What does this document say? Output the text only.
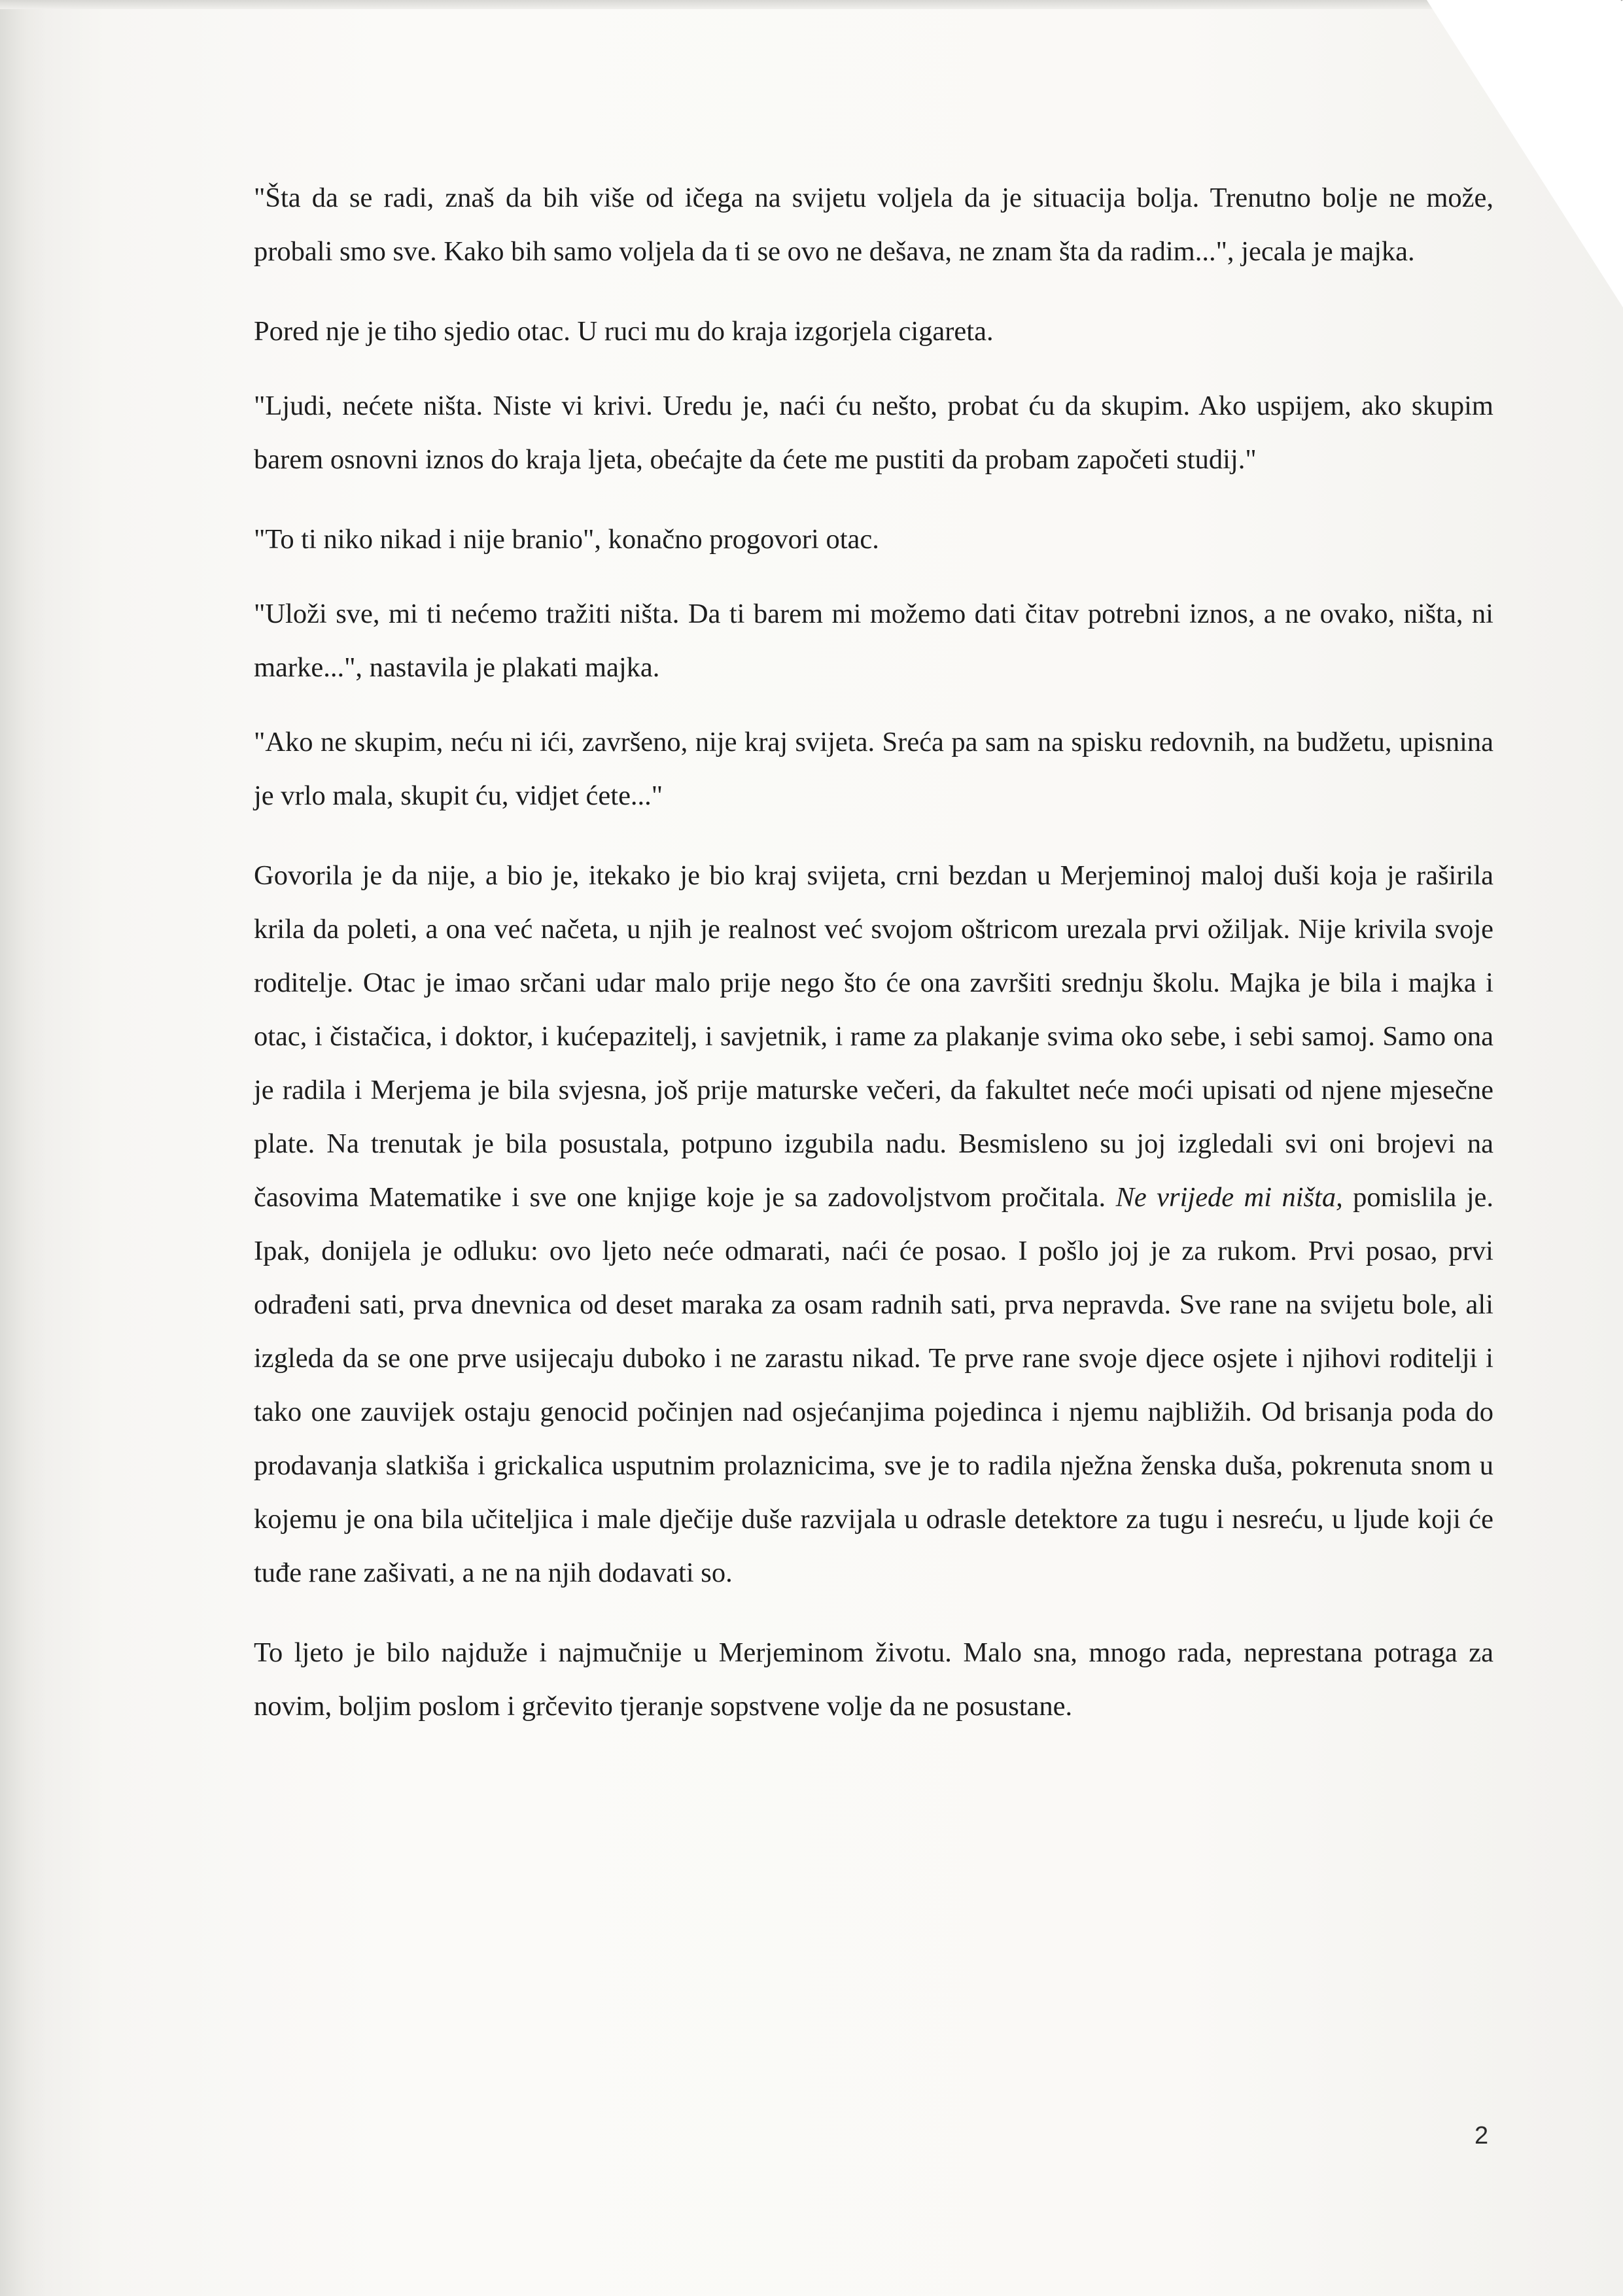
"Šta da se radi, znaš da bih više od ičega na svijetu voljela da je situacija bolja. Trenutno bolje ne može, probali smo sve. Kako bih samo voljela da ti se ovo ne dešava, ne znam šta da radim...", jecala je majka.

Pored nje je tiho sjedio otac. U ruci mu do kraja izgorjela cigareta.

"Ljudi, nećete ništa. Niste vi krivi. Uredu je, naći ću nešto, probat ću da skupim. Ako uspijem, ako skupim barem osnovni iznos do kraja ljeta, obećajte da ćete me pustiti da probam započeti studij."

"To ti niko nikad i nije branio", konačno progovori otac.

"Uloži sve, mi ti nećemo tražiti ništa. Da ti barem mi možemo dati čitav potrebni iznos, a ne ovako, ništa, ni marke...", nastavila je plakati majka.

"Ako ne skupim, neću ni ići, završeno, nije kraj svijeta. Sreća pa sam na spisku redovnih, na budžetu, upisnina je vrlo mala, skupit ću, vidjet ćete..."

Govorila je da nije, a bio je, itekako je bio kraj svijeta, crni bezdan u Merjeminoj maloj duši koja je raširila krila da poleti, a ona već načeta, u njih je realnost već svojom oštricom urezala prvi ožiljak. Nije krivila svoje roditelje. Otac je imao srčani udar malo prije nego što će ona završiti srednju školu. Majka je bila i majka i otac, i čistačica, i doktor, i kućepazitelj, i savjetnik, i rame za plakanje svima oko sebe, i sebi samoj. Samo ona je radila i Merjema je bila svjesna, još prije maturske večeri, da fakultet neće moći upisati od njene mjesečne plate. Na trenutak je bila posustala, potpuno izgubila nadu. Besmisleno su joj izgledali svi oni brojevi na časovima Matematike i sve one knjige koje je sa zadovoljstvom pročitala. Ne vrijede mi ništa, pomislila je. Ipak, donijela je odluku: ovo ljeto neće odmarati, naći će posao. I pošlo joj je za rukom. Prvi posao, prvi odrađeni sati, prva dnevnica od deset maraka za osam radnih sati, prva nepravda. Sve rane na svijetu bole, ali izgleda da se one prve usijecaju duboko i ne zarastu nikad. Te prve rane svoje djece osjete i njihovi roditelji i tako one zauvijek ostaju genocid počinjen nad osjećanjima pojedinca i njemu najbližih. Od brisanja poda do prodavanja slatkiša i grickalica usputnim prolaznicima, sve je to radila nježna ženska duša, pokrenuta snom u kojemu je ona bila učiteljica i male dječije duše razvijala u odrasle detektore za tugu i nesreću, u ljude koji će tuđe rane zašivati, a ne na njih dodavati so.

To ljeto je bilo najduže i najmučnije u Merjeminom životu. Malo sna, mnogo rada, neprestana potraga za novim, boljim poslom i grčevito tjeranje sopstvene volje da ne posustane.

2
